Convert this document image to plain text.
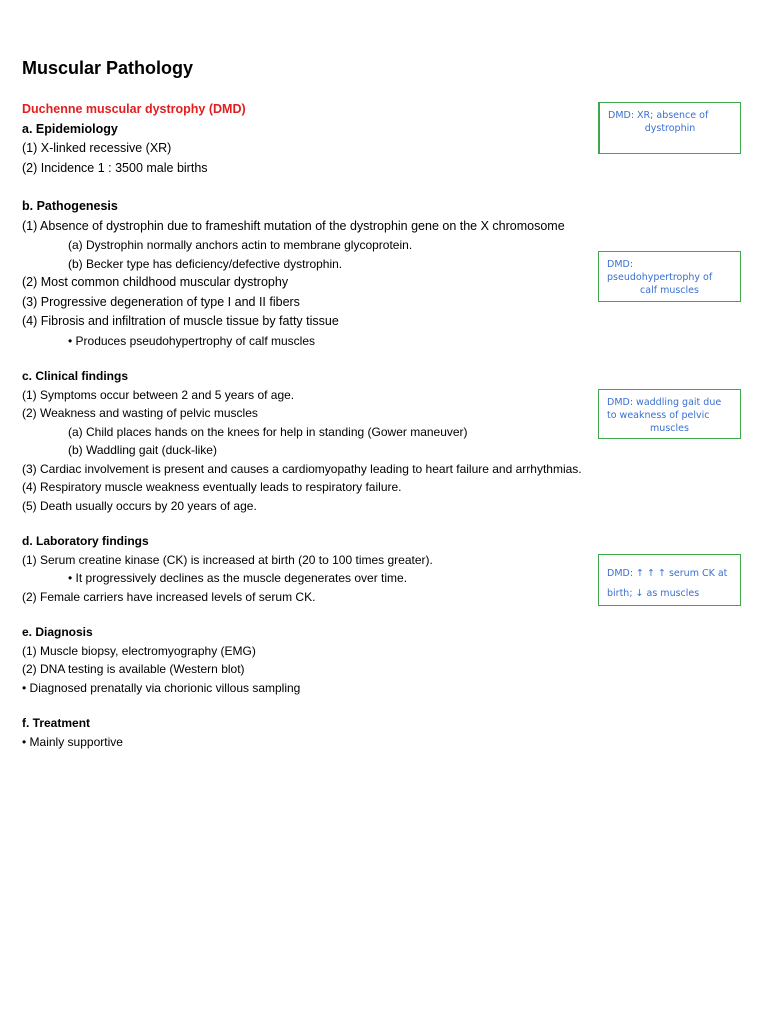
Muscular Pathology
Duchenne muscular dystrophy (DMD)
a. Epidemiology
(1) X-linked recessive (XR)
(2) Incidence 1 : 3500 male births
b. Pathogenesis
(1) Absence of dystrophin due to frameshift mutation of the dystrophin gene on the X chromosome
(a) Dystrophin normally anchors actin to membrane glycoprotein.
(b) Becker type has deficiency/defective dystrophin.
(2) Most common childhood muscular dystrophy
(3) Progressive degeneration of type I and II fibers
(4) Fibrosis and infiltration of muscle tissue by fatty tissue
• Produces pseudohypertrophy of calf muscles
c. Clinical findings
(1) Symptoms occur between 2 and 5 years of age.
(2) Weakness and wasting of pelvic muscles
(a) Child places hands on the knees for help in standing (Gower maneuver)
(b) Waddling gait (duck-like)
(3) Cardiac involvement is present and causes a cardiomyopathy leading to heart failure and arrhythmias.
(4) Respiratory muscle weakness eventually leads to respiratory failure.
(5) Death usually occurs by 20 years of age.
d. Laboratory findings
(1) Serum creatine kinase (CK) is increased at birth (20 to 100 times greater).
• It progressively declines as the muscle degenerates over time.
(2) Female carriers have increased levels of serum CK.
e. Diagnosis
(1) Muscle biopsy, electromyography (EMG)
(2) DNA testing is available (Western blot)
• Diagnosed prenatally via chorionic villous sampling
f. Treatment
• Mainly supportive
DMD: XR; absence of
dystrophin
DMD:
pseudohypertrophy of
calf muscles
DMD: waddling gait due
to weakness of pelvic
muscles
DMD: ↑ ↑ ↑ serum CK at
birth; ↓ as muscles
